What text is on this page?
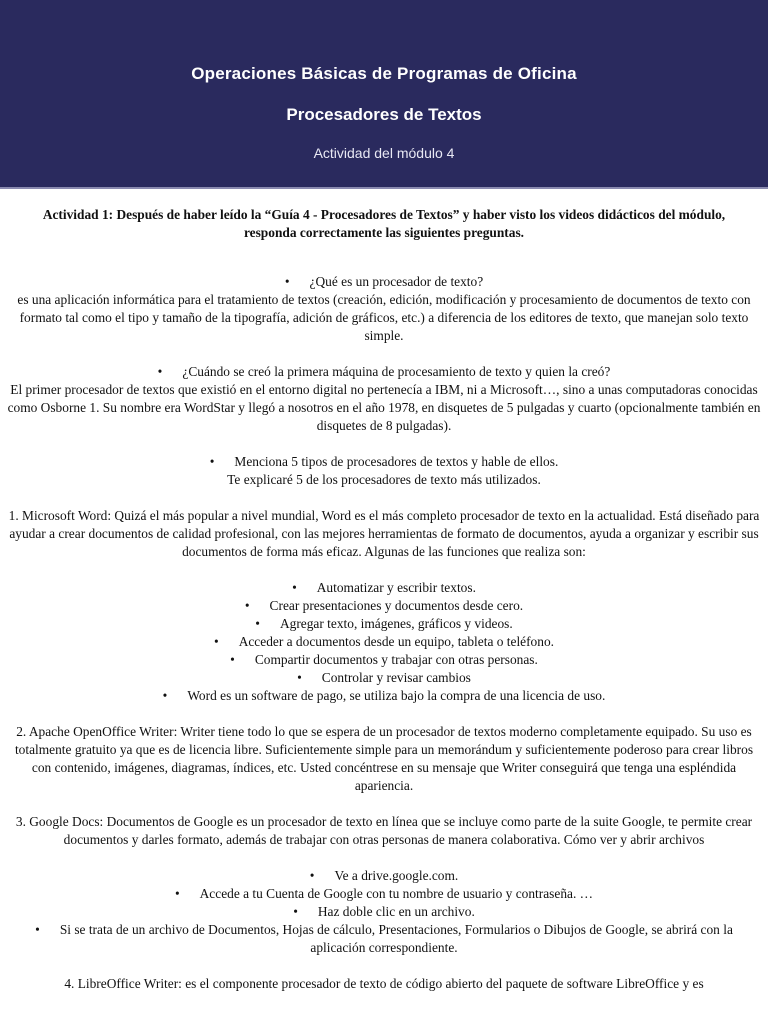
Operaciones Básicas de Programas de Oficina
Procesadores de Textos
Actividad del módulo 4
Actividad 1: Después de haber leído la “Guía 4 - Procesadores de Textos” y haber visto los videos didácticos del módulo, responda correctamente las siguientes preguntas.
• ¿Qué es un procesador de texto?
es una aplicación informática para el tratamiento de textos (creación, edición, modificación y procesamiento de documentos de texto con formato tal como el tipo y tamaño de la tipografía, adición de gráficos, etc.) a diferencia de los editores de texto, que manejan solo texto simple.
• ¿Cuándo se creó la primera máquina de procesamiento de texto y quien la creó?
El primer procesador de textos que existió en el entorno digital no pertenecía a IBM, ni a Microsoft…, sino a unas computadoras conocidas como Osborne 1. Su nombre era WordStar y llegó a nosotros en el año 1978, en disquetes de 5 pulgadas y cuarto (opcionalmente también en disquetes de 8 pulgadas).
• Menciona 5 tipos de procesadores de textos y hable de ellos.
Te explicaré 5 de los procesadores de texto más utilizados.
1. Microsoft Word: Quizá el más popular a nivel mundial, Word es el más completo procesador de texto en la actualidad. Está diseñado para ayudar a crear documentos de calidad profesional, con las mejores herramientas de formato de documentos, ayuda a organizar y escribir sus documentos de forma más eficaz. Algunas de las funciones que realiza son:
• Automatizar y escribir textos.
• Crear presentaciones y documentos desde cero.
• Agregar texto, imágenes, gráficos y videos.
• Acceder a documentos desde un equipo, tableta o teléfono.
• Compartir documentos y trabajar con otras personas.
• Controlar y revisar cambios
• Word es un software de pago, se utiliza bajo la compra de una licencia de uso.
2. Apache OpenOffice Writer: Writer tiene todo lo que se espera de un procesador de textos moderno completamente equipado. Su uso es totalmente gratuito ya que es de licencia libre. Suficientemente simple para un memorándum y suficientemente poderoso para crear libros con contenido, imágenes, diagramas, índices, etc. Usted concéntrese en su mensaje que Writer conseguirá que tenga una espléndida apariencia.
3. Google Docs: Documentos de Google es un procesador de texto en línea que se incluye como parte de la suite Google, te permite crear documentos y darles formato, además de trabajar con otras personas de manera colaborativa. Cómo ver y abrir archivos
• Ve a drive.google.com.
• Accede a tu Cuenta de Google con tu nombre de usuario y contraseña. …
• Haz doble clic en un archivo.
• Si se trata de un archivo de Documentos, Hojas de cálculo, Presentaciones, Formularios o Dibujos de Google, se abrirá con la aplicación correspondiente.
4. LibreOffice Writer: es el componente procesador de texto de código abierto del paquete de software LibreOffice y es
